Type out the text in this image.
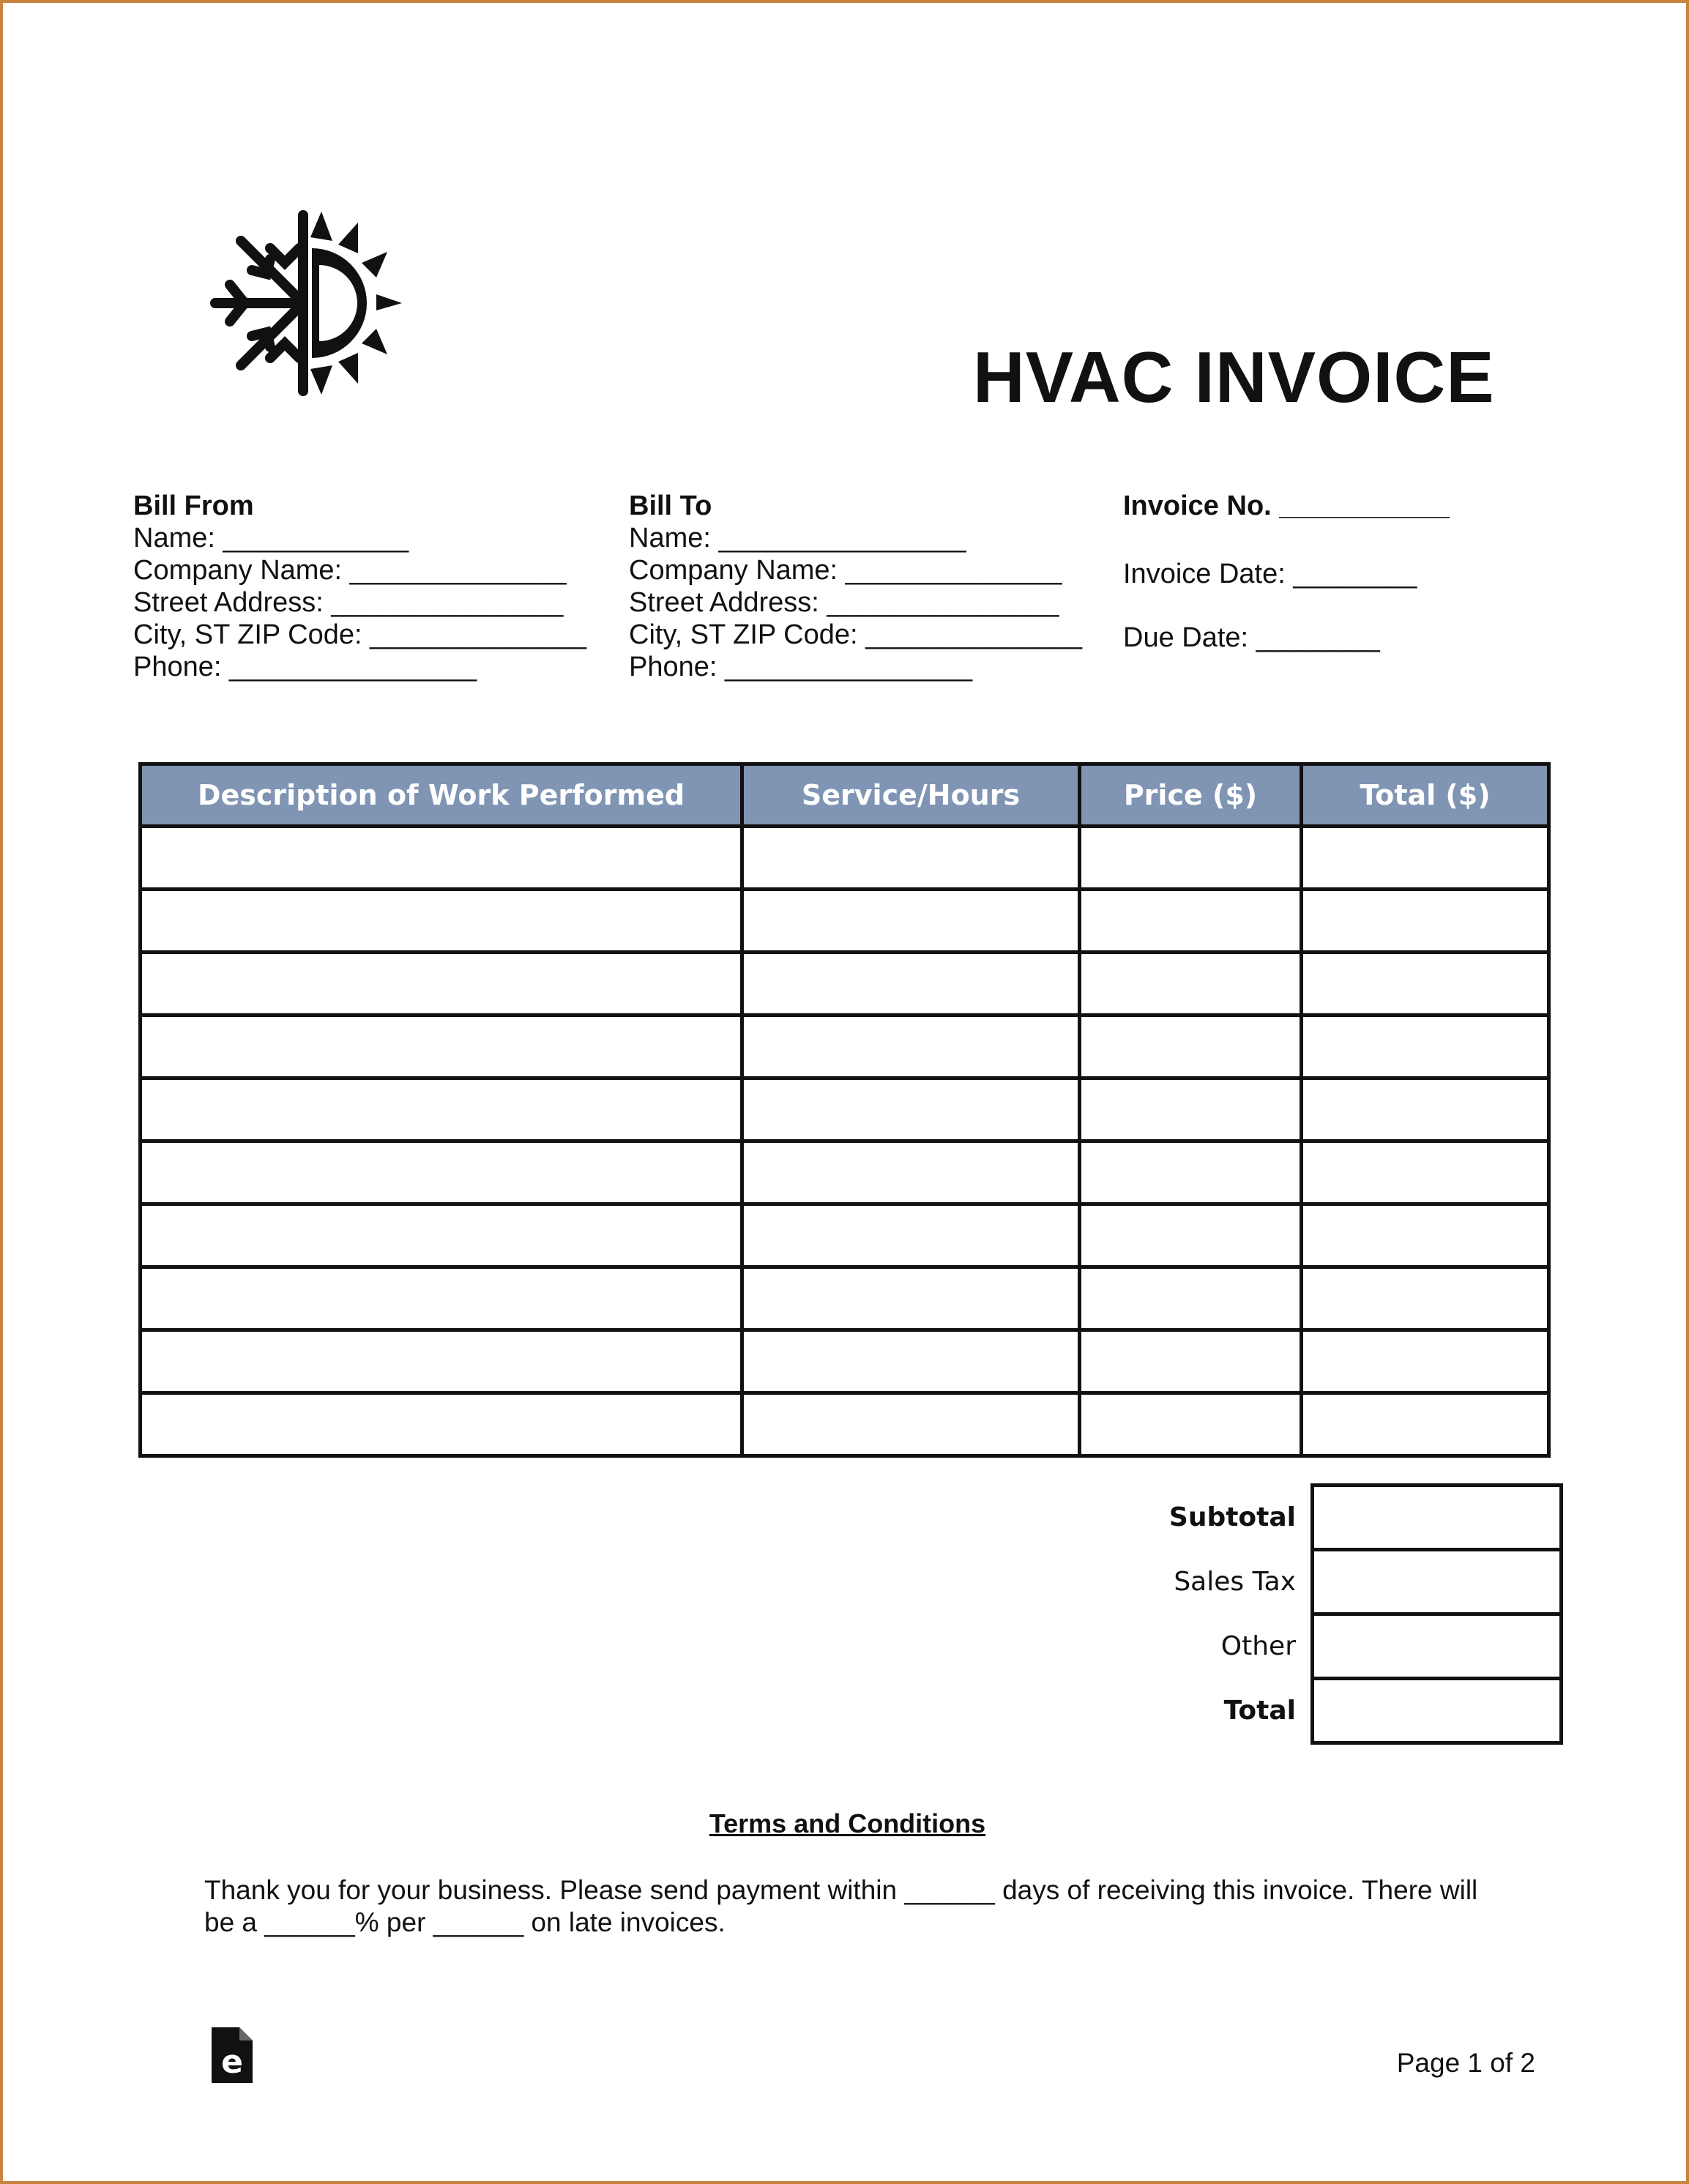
HVAC INVOICE
Bill From
Name: ____________
Company Name: ______________
Street Address: _______________
City, ST ZIP Code: ______________
Phone: ________________
Bill To
Name: ________________
Company Name: ______________
Street Address: _______________
City, ST ZIP Code: ______________
Phone: ________________
Invoice No. ___________
Invoice Date: ________
Due Date: ________
Description of Work Performed	Service/Hours	Price ($)	Total ($)

Subtotal	
Sales Tax	
Other	
Total	
Terms and Conditions
Thank you for your business. Please send payment within ______ days of receiving this invoice. There will be a ______% per ______ on late invoices.
e	Page 1 of 2
